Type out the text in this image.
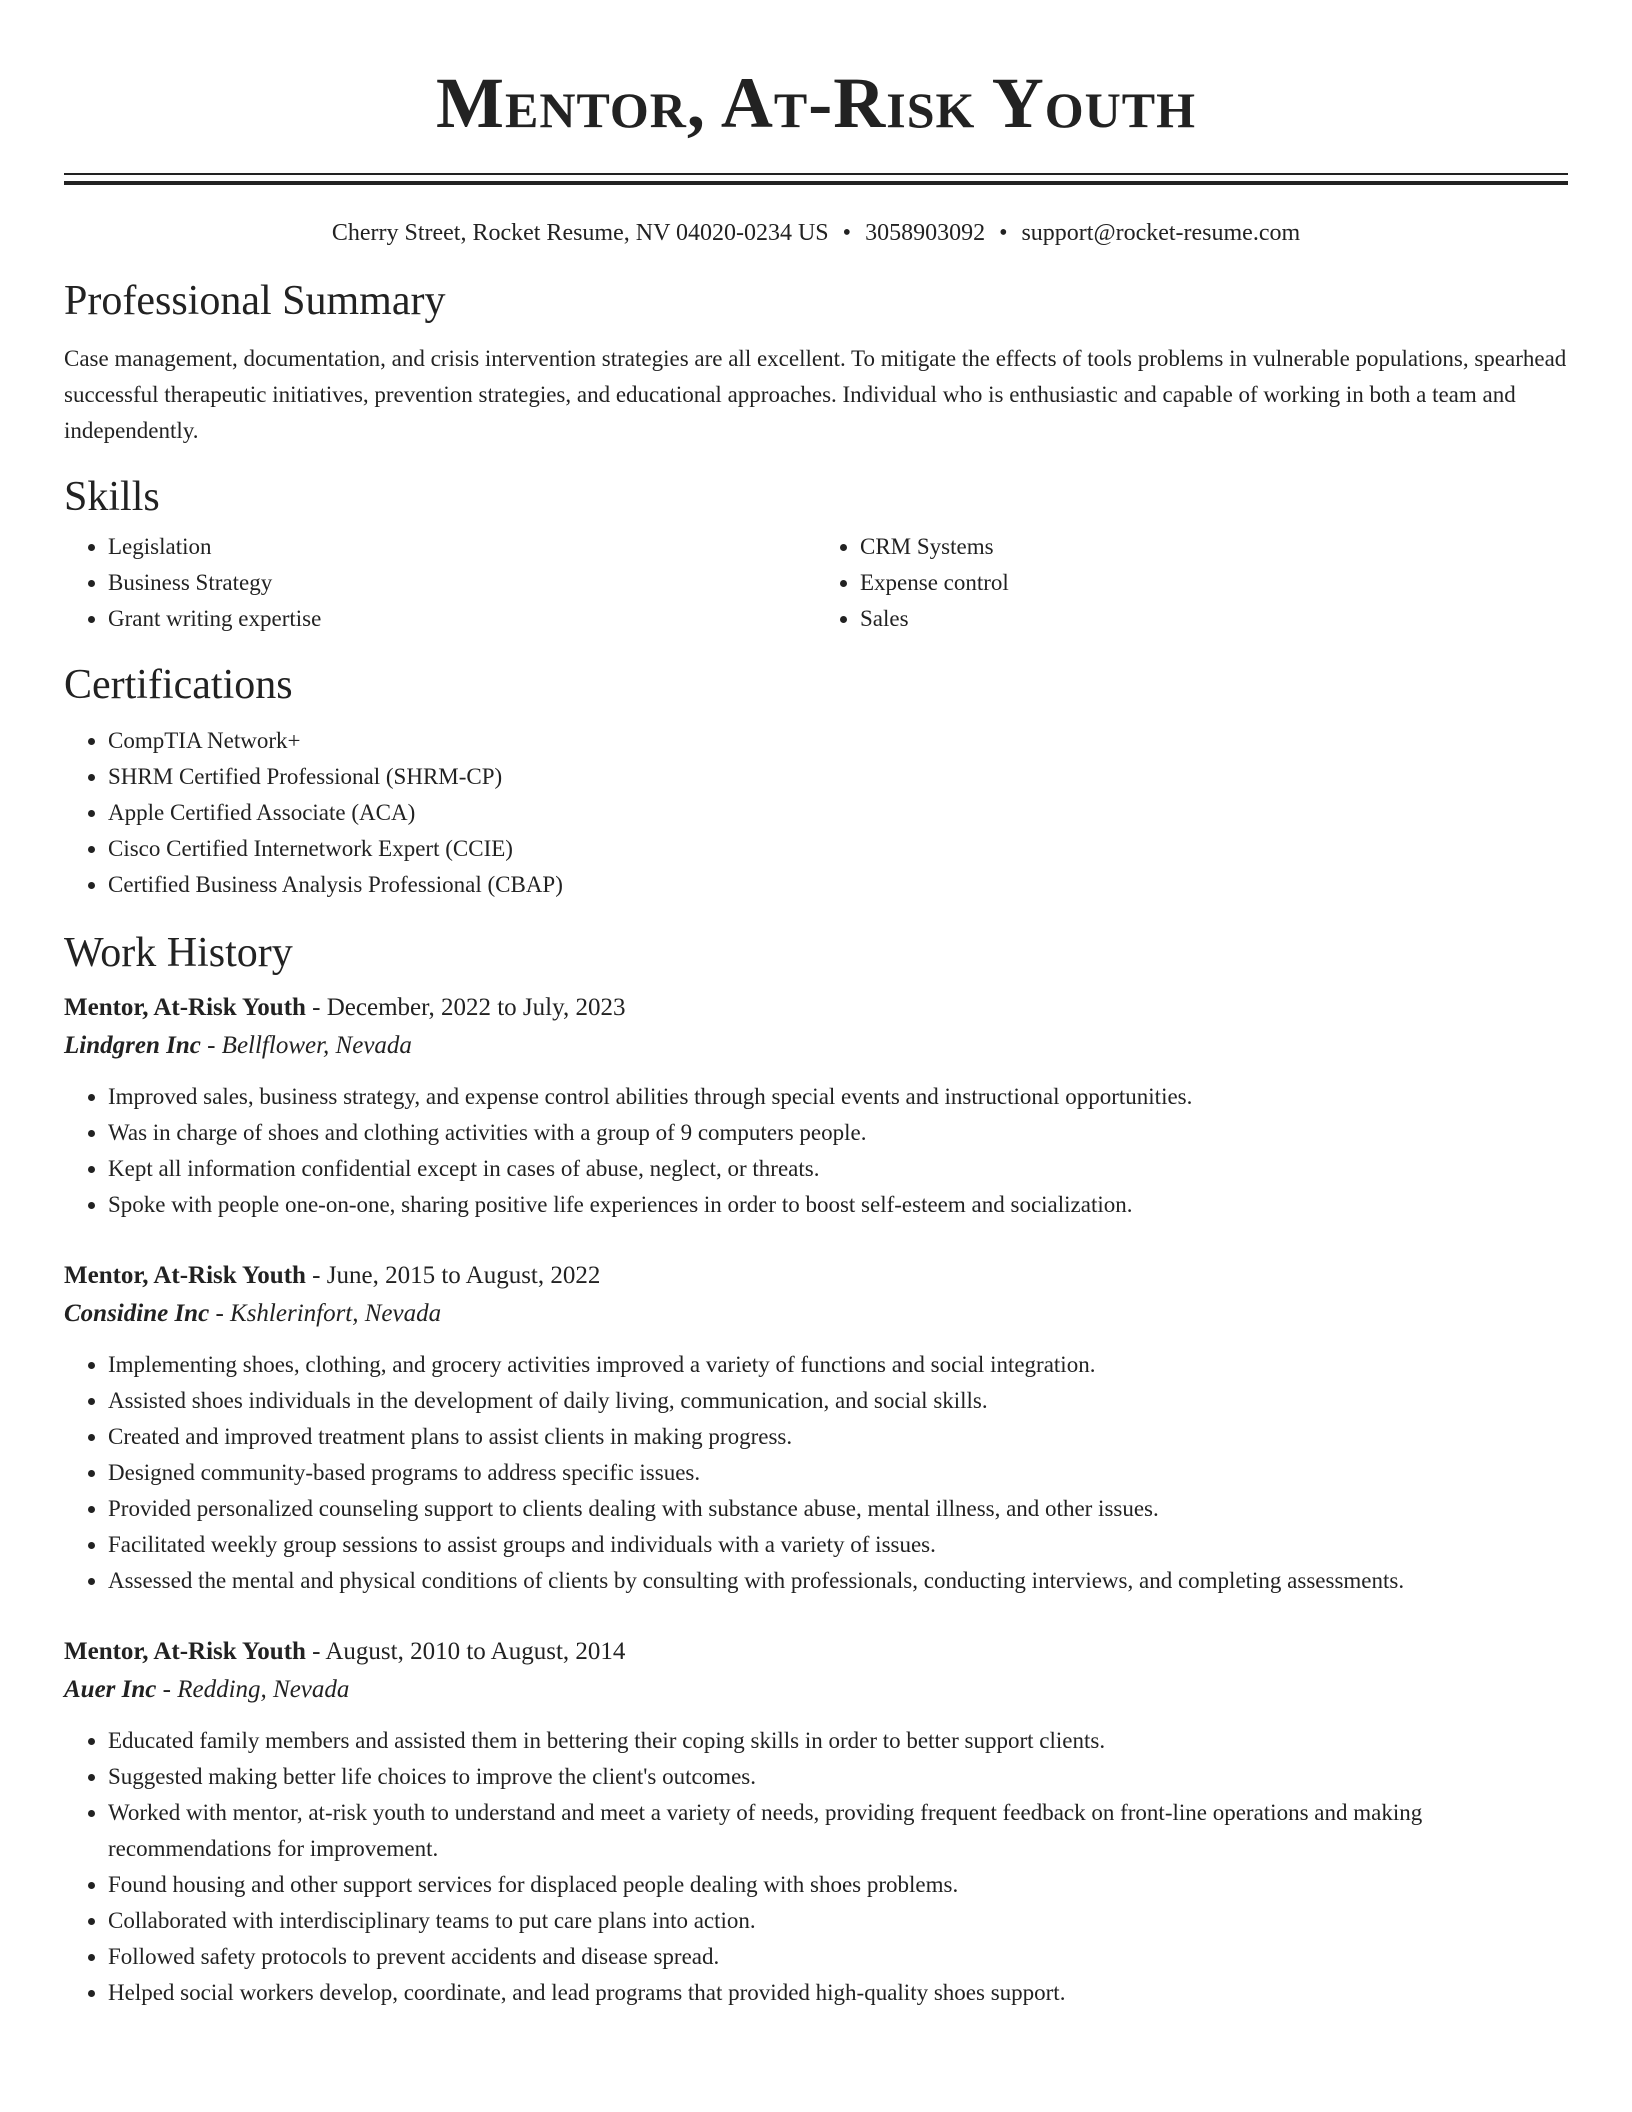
Mentor, At-Risk Youth
Cherry Street, Rocket Resume, NV 04020-0234 US • 3058903092 • support@rocket-resume.com
Professional Summary

Case management, documentation, and crisis intervention strategies are all excellent. To mitigate the effects of tools problems in vulnerable populations, spearhead successful therapeutic initiatives, prevention strategies, and educational approaches. Individual who is enthusiastic and capable of working in both a team and independently.

Skills
• Legislation
• Business Strategy
• Grant writing expertise
• CRM Systems
• Expense control
• Sales
Certifications
• CompTIA Network+
• SHRM Certified Professional (SHRM-CP)
• Apple Certified Associate (ACA)
• Cisco Certified Internetwork Expert (CCIE)
• Certified Business Analysis Professional (CBAP)
Work History
Mentor, At-Risk Youth - December, 2022 to July, 2023
Lindgren Inc - Bellflower, Nevada
• Improved sales, business strategy, and expense control abilities through special events and instructional opportunities.
• Was in charge of shoes and clothing activities with a group of 9 computers people.
• Kept all information confidential except in cases of abuse, neglect, or threats.
• Spoke with people one-on-one, sharing positive life experiences in order to boost self-esteem and socialization.
Mentor, At-Risk Youth - June, 2015 to August, 2022
Considine Inc - Kshlerinfort, Nevada
• Implementing shoes, clothing, and grocery activities improved a variety of functions and social integration.
• Assisted shoes individuals in the development of daily living, communication, and social skills.
• Created and improved treatment plans to assist clients in making progress.
• Designed community-based programs to address specific issues.
• Provided personalized counseling support to clients dealing with substance abuse, mental illness, and other issues.
• Facilitated weekly group sessions to assist groups and individuals with a variety of issues.
• Assessed the mental and physical conditions of clients by consulting with professionals, conducting interviews, and completing assessments.
Mentor, At-Risk Youth - August, 2010 to August, 2014
Auer Inc - Redding, Nevada
• Educated family members and assisted them in bettering their coping skills in order to better support clients.
• Suggested making better life choices to improve the client's outcomes.
• Worked with mentor, at-risk youth to understand and meet a variety of needs, providing frequent feedback on front-line operations and making recommendations for improvement.
• Found housing and other support services for displaced people dealing with shoes problems.
• Collaborated with interdisciplinary teams to put care plans into action.
• Followed safety protocols to prevent accidents and disease spread.
• Helped social workers develop, coordinate, and lead programs that provided high-quality shoes support.
